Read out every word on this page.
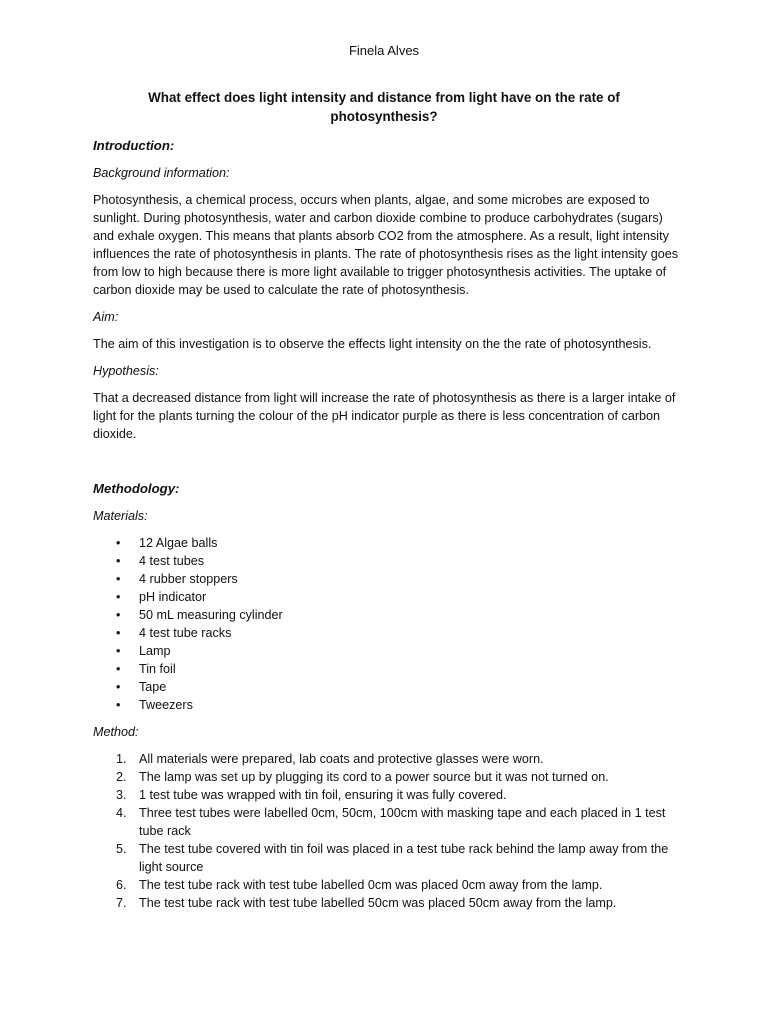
Finela Alves
What effect does light intensity and distance from light have on the rate of photosynthesis?
Introduction:
Background information:

Photosynthesis, a chemical process, occurs when plants, algae, and some microbes are exposed to sunlight. During photosynthesis, water and carbon dioxide combine to produce carbohydrates (sugars) and exhale oxygen. This means that plants absorb CO2 from the atmosphere. As a result, light intensity influences the rate of photosynthesis in plants. The rate of photosynthesis rises as the light intensity goes from low to high because there is more light available to trigger photosynthesis activities. The uptake of carbon dioxide may be used to calculate the rate of photosynthesis.

Aim:

The aim of this investigation is to observe the effects light intensity on the the rate of photosynthesis.

Hypothesis:

That a decreased distance from light will increase the rate of photosynthesis as there is a larger intake of light for the plants turning the colour of the pH indicator purple as there is less concentration of carbon dioxide.

Methodology:
Materials:
• 12 Algae balls
• 4 test tubes
• 4 rubber stoppers
• pH indicator
• 50 mL measuring cylinder
• 4 test tube racks
• Lamp
• Tin foil
• Tape
• Tweezers
Method:
1. All materials were prepared, lab coats and protective glasses were worn.
2. The lamp was set up by plugging its cord to a power source but it was not turned on.
3. 1 test tube was wrapped with tin foil, ensuring it was fully covered.
4. Three test tubes were labelled 0cm, 50cm, 100cm with masking tape and each placed in 1 test tube rack
5. The test tube covered with tin foil was placed in a test tube rack behind the lamp away from the light source
6. The test tube rack with test tube labelled 0cm was placed 0cm away from the lamp.
7. The test tube rack with test tube labelled 50cm was placed 50cm away from the lamp.
